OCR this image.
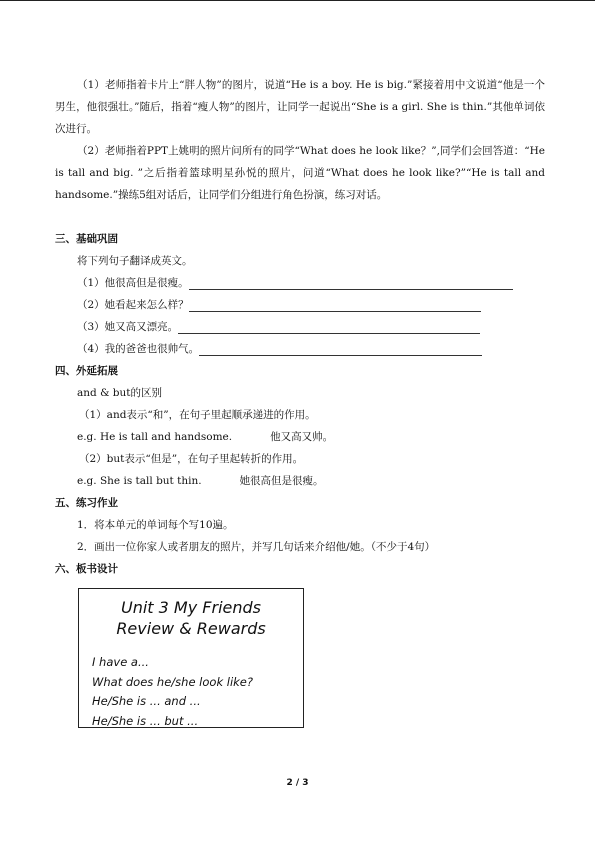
（1）老师指着卡片上“胖人物”的图片，说道“He is a boy. He is big.”紧接着用中文说道“他是一个男生，他很强壮。”随后，指着“瘦人物”的图片，让同学一起说出“She is a girl. She is thin.”其他单词依次进行。

（2）老师指着PPT上姚明的照片问所有的同学“What does he look like？”,同学们会回答道：“He is tall and big. ”之后指着篮球明星孙悦的照片，问道“What does he look like?”“He is tall and handsome.”操练5组对话后，让同学们分组进行角色扮演，练习对话。

三、基础巩固

将下列句子翻译成英文。

（1）他很高但是很瘦。
（2）她看起来怎么样？
（3）她又高又漂亮。
（4）我的爸爸也很帅气。

四、外延拓展

and & but的区别

（1）and表示“和”，在句子里起顺承递进的作用。

e.g. He is tall and handsome.	他又高又帅。

（2）but表示“但是”，在句子里起转折的作用。

e.g. She is tall but thin.	她很高但是很瘦。

五、练习作业

1．将本单元的单词每个写10遍。

2．画出一位你家人或者朋友的照片，并写几句话来介绍他/她。（不少于4句）

六、板书设计

Unit 3 My Friends
Review & Rewards
I have a...
What does he/she look like?
He/She is ... and ...
He/She is ... but ...
2 / 3
